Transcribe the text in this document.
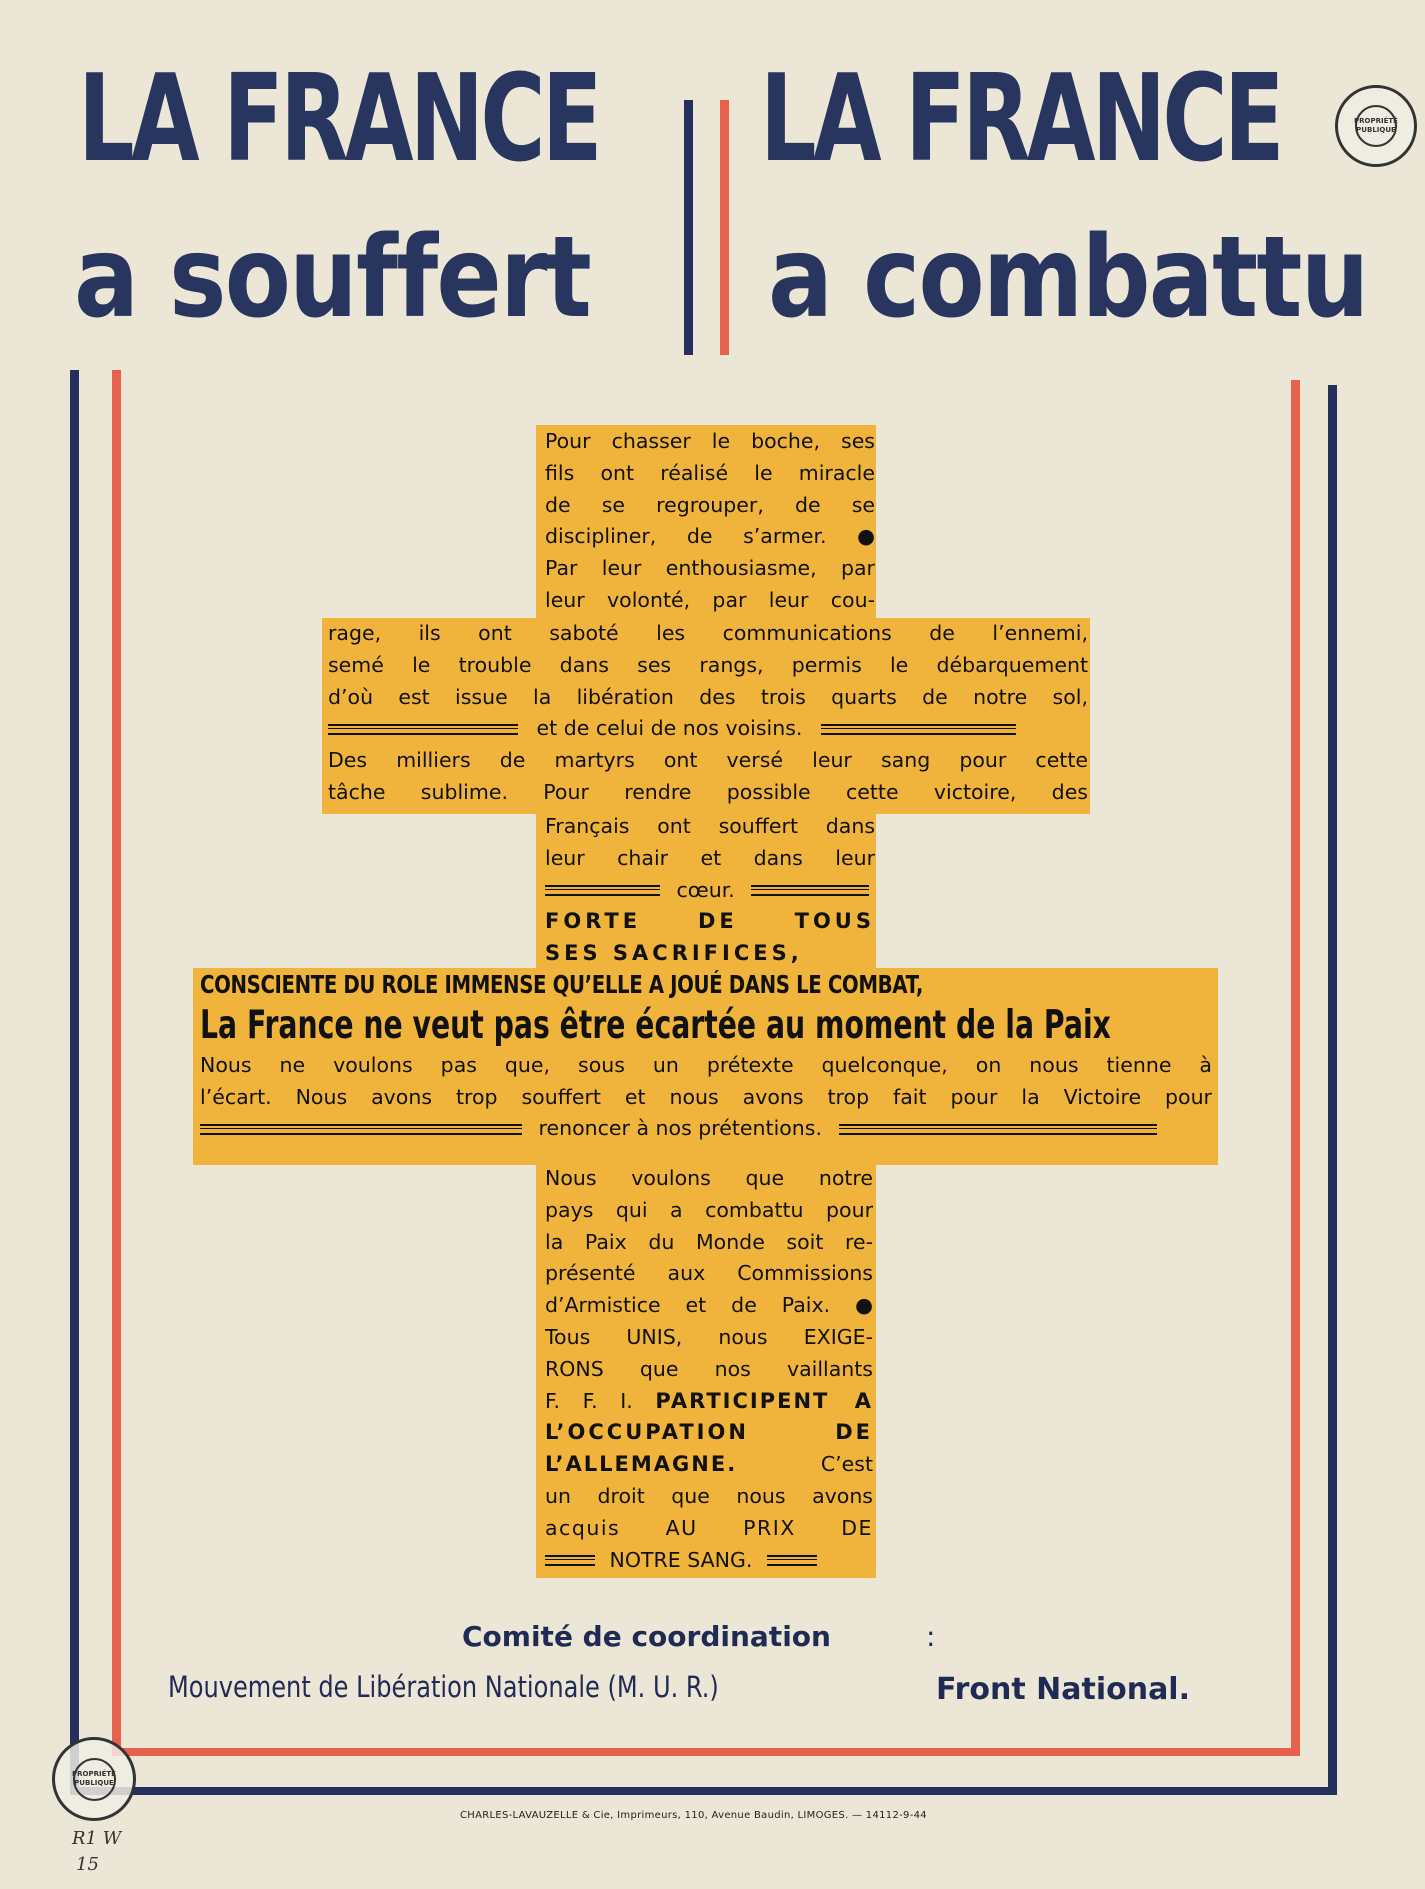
LA FRANCE
a souffert
LA FRANCE
a combattu
Pour chasser le boche, ses
fils ont réalisé le miracle
de se regrouper, de se
discipliner, de s’armer. ●
Par leur enthousiasme, par
leur volonté, par leur cou-
rage, ils ont saboté les communications de l’ennemi,
semé le trouble dans ses rangs, permis le débarquement
d’où est issue la libération des trois quarts de notre sol,
et de celui de nos voisins.
Des milliers de martyrs ont versé leur sang pour cette
tâche sublime. Pour rendre possible cette victoire, des
Français ont souffert dans
leur chair et dans leur
cœur.
FORTE DE TOUS
SES SACRIFICES,
CONSCIENTE DU ROLE IMMENSE QU’ELLE A JOUÉ DANS LE COMBAT,
La France ne veut pas être écartée au moment de la Paix
Nous ne voulons pas que, sous un prétexte quelconque, on nous tienne à
l’écart. Nous avons trop souffert et nous avons trop fait pour la Victoire pour
renoncer à nos prétentions.
Nous voulons que notre
pays qui a combattu pour
la Paix du Monde soit re-
présenté aux Commissions
d’Armistice et de Paix. ●
Tous UNIS, nous EXIGE-
RONS que nos vaillants
F. F. I. PARTICIPENT A
L’OCCUPATION DE
L’ALLEMAGNE. C’est
un droit que nous avons
acquis AU PRIX DE
NOTRE SANG.
Comité de coordination	:
Mouvement de Libération Nationale (M. U. R.)	Front National.
CHARLES-LAVAUZELLE & Cie, Imprimeurs, 110, Avenue Baudin, LIMOGES. — 14112-9-44
PROPRIÉTÉ PUBLIQUE
PROPRIÉTÉ PUBLIQUE
R1 W
15
